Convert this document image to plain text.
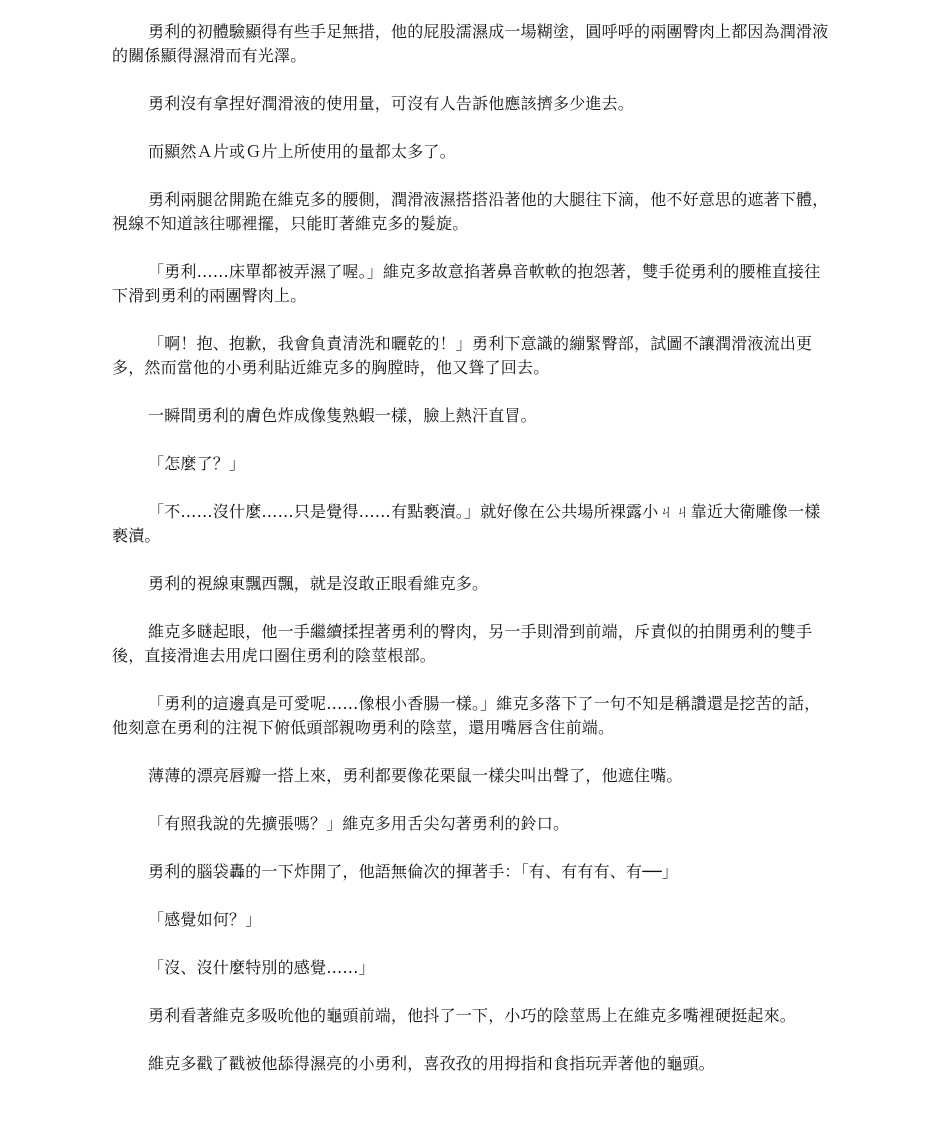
勇利的初體驗顯得有些手足無措，他的屁股濡濕成一場糊塗，圓呼呼的兩團臀肉上都因為潤滑液的關係顯得濕滑而有光澤。

勇利沒有拿捏好潤滑液的使用量，可沒有人告訴他應該擠多少進去。

而顯然Ａ片或Ｇ片上所使用的量都太多了。

勇利兩腿岔開跪在維克多的腰側，潤滑液濕搭搭沿著他的大腿往下滴，他不好意思的遮著下體，視線不知道該往哪裡擺，只能盯著維克多的髮旋。

「勇利……床單都被弄濕了喔。」維克多故意掐著鼻音軟軟的抱怨著，雙手從勇利的腰椎直接往下滑到勇利的兩團臀肉上。

「啊！抱、抱歉，我會負責清洗和曬乾的！」勇利下意識的繃緊臀部，試圖不讓潤滑液流出更多，然而當他的小勇利貼近維克多的胸膛時，他又聳了回去。

一瞬間勇利的膚色炸成像隻熟蝦一樣，臉上熱汗直冒。

「怎麼了？」

「不……沒什麼……只是覺得……有點褻瀆。」就好像在公共場所裸露小ㄐㄐ靠近大衛雕像一樣褻瀆。

勇利的視線東飄西飄，就是沒敢正眼看維克多。

維克多瞇起眼，他一手繼續揉捏著勇利的臀肉，另一手則滑到前端，斥責似的拍開勇利的雙手後，直接滑進去用虎口圈住勇利的陰莖根部。

「勇利的這邊真是可愛呢……像根小香腸一樣。」維克多落下了一句不知是稱讚還是挖苦的話，他刻意在勇利的注視下俯低頭部親吻勇利的陰莖，還用嘴唇含住前端。

薄薄的漂亮唇瓣一搭上來，勇利都要像花栗鼠一樣尖叫出聲了，他遮住嘴。

「有照我說的先擴張嗎？」維克多用舌尖勾著勇利的鈴口。

勇利的腦袋轟的一下炸開了，他語無倫次的揮著手：「有、有有有、有──」

「感覺如何？」

「沒、沒什麼特別的感覺……」

勇利看著維克多吸吮他的龜頭前端，他抖了一下，小巧的陰莖馬上在維克多嘴裡硬挺起來。

維克多戳了戳被他舔得濕亮的小勇利，喜孜孜的用拇指和食指玩弄著他的龜頭。
